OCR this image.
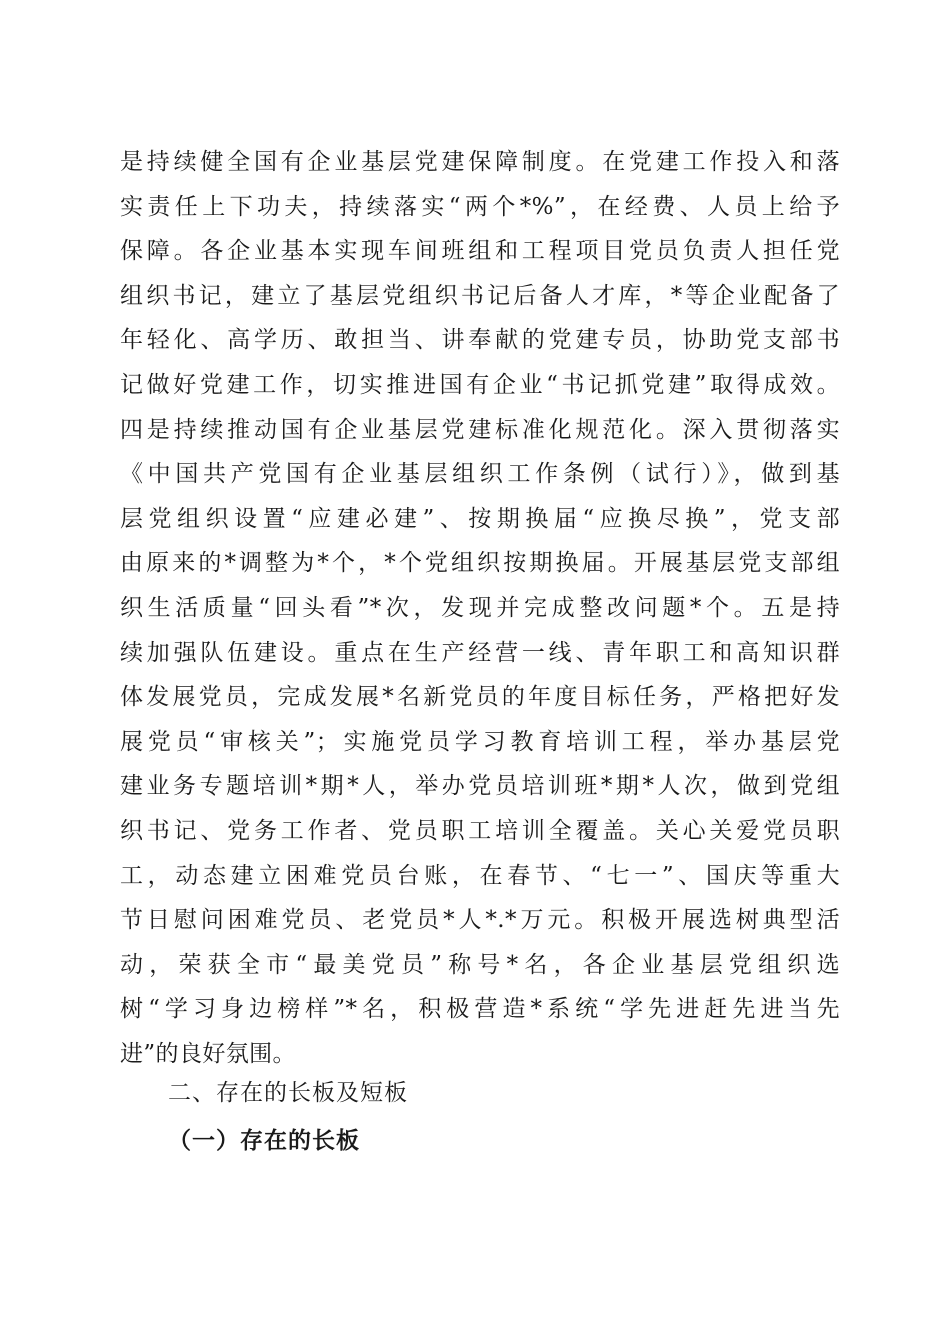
是持续健全国有企业基层党建保障制度。在党建工作投入和落
实责任上下功夫，持续落实“两个*%”，在经费、人员上给予
保障。各企业基本实现车间班组和工程项目党员负责人担任党
组织书记，建立了基层党组织书记后备人才库，*等企业配备了
年轻化、高学历、敢担当、讲奉献的党建专员，协助党支部书
记做好党建工作，切实推进国有企业“书记抓党建”取得成效。
四是持续推动国有企业基层党建标准化规范化。深入贯彻落实
《中国共产党国有企业基层组织工作条例（试行）》，做到基
层党组织设置“应建必建”、按期换届“应换尽换”，党支部
由原来的*调整为*个，*个党组织按期换届。开展基层党支部组
织生活质量“回头看”*次，发现并完成整改问题*个。五是持
续加强队伍建设。重点在生产经营一线、青年职工和高知识群
体发展党员，完成发展*名新党员的年度目标任务，严格把好发
展党员“审核关”；实施党员学习教育培训工程，举办基层党
建业务专题培训*期*人，举办党员培训班*期*人次，做到党组
织书记、党务工作者、党员职工培训全覆盖。关心关爱党员职
工，动态建立困难党员台账，在春节、“七一”、国庆等重大
节日慰问困难党员、老党员*人*.*万元。积极开展选树典型活
动，荣获全市“最美党员”称号*名，各企业基层党组织选
树“学习身边榜样”*名，积极营造*系统“学先进赶先进当先
进”的良好氛围。
二、存在的长板及短板
（一）存在的长板
